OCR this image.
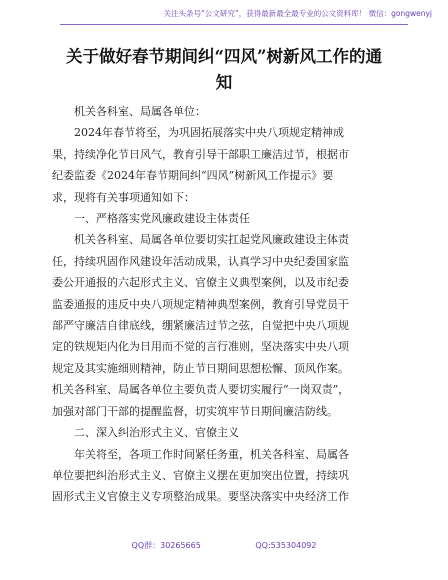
关注头条号“公文研究”，获得最新最全最专业的公文资料库！ 微信：gongwenyj
关于做好春节期间纠“四风”树新风工作的通
知
机关各科室、局属各单位：
2024年春节将至，为巩固拓展落实中央八项规定精神成
果，持续净化节日风气，教育引导干部职工廉洁过节，根据市
纪委监委《2024年春节期间纠“四风”树新风工作提示》要
求，现将有关事项通知如下：
一、严格落实党风廉政建设主体责任
机关各科室、局属各单位要切实扛起党风廉政建设主体责
任，持续巩固作风建设年活动成果，认真学习中央纪委国家监
委公开通报的六起形式主义、官僚主义典型案例，以及市纪委
监委通报的违反中央八项规定精神典型案例，教育引导党员干
部严守廉洁自律底线，绷紧廉洁过节之弦，自觉把中央八项规
定的铁规矩内化为日用而不觉的言行准则，坚决落实中央八项
规定及其实施细则精神，防止节日期间思想松懈、顶风作案。
机关各科室、局属各单位主要负责人要切实履行“一岗双责”，
加强对部门干部的提醒监督，切实筑牢节日期间廉洁防线。
二、深入纠治形式主义、官僚主义
年关将至，各项工作时间紧任务重，机关各科室、局属各
单位要把纠治形式主义、官僚主义摆在更加突出位置，持续巩
固形式主义官僚主义专项整治成果。要坚决落实中央经济工作
QQ群：30265665	QQ:535304092
